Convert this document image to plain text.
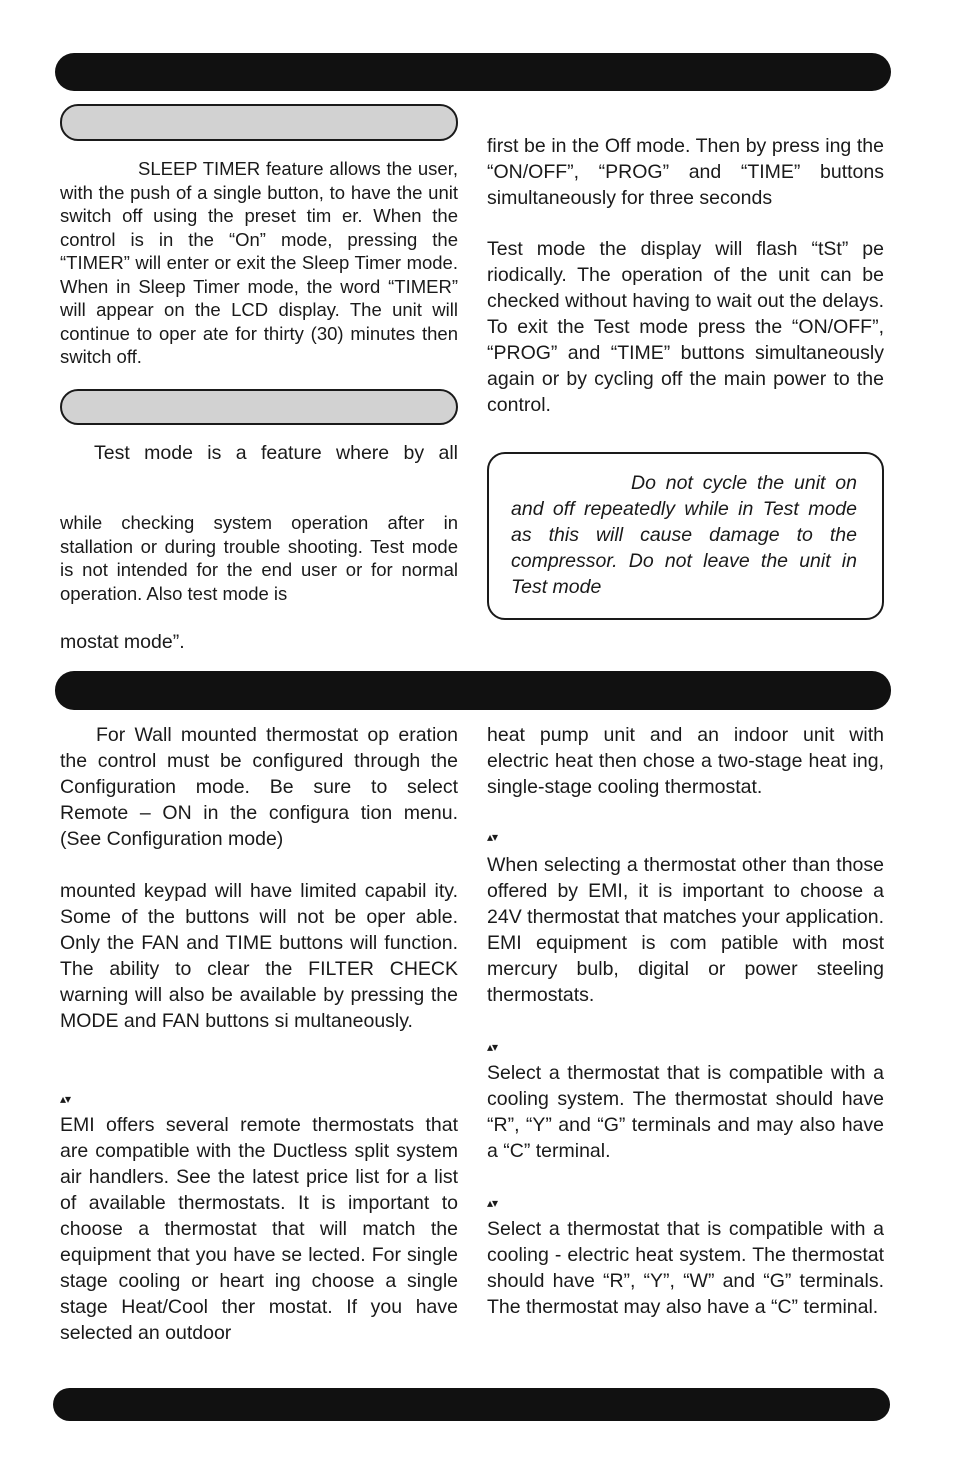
SLEEP TIMER feature allows the user, with the push of a single button, to have the unit switch off using the preset tim er. When the control is in the “On” mode, pressing the “TIMER” will enter or exit the Sleep Timer mode. When in Sleep Timer mode, the word “TIMER” will appear on the LCD display. The unit will continue to oper ate for thirty (30) minutes then switch off.

Test mode is a feature where by all

while checking system operation after in stallation or during trouble shooting. Test mode is not intended for the end user or for normal operation. Also test mode is

mostat mode”.

first be in the Off mode. Then by press ing the “ON/OFF”, “PROG” and “TIME” buttons simultaneously for three seconds

Test mode the display will flash “tSt” pe riodically. The operation of the unit can be checked without having to wait out the delays. To exit the Test mode press the “ON/OFF”, “PROG” and “TIME” buttons simultaneously again or by cycling off the main power to the control.

Do not cycle the unit on and off repeatedly while in Test mode as this will cause damage to the compressor. Do not leave the unit in Test mode

For Wall mounted thermostat op eration the control must be configured through the Configuration mode. Be sure to select Remote – ON in the configura tion menu. (See Configuration mode)

mounted keypad will have limited capabil ity. Some of the buttons will not be oper able. Only the FAN and TIME buttons will function. The ability to clear the FILTER CHECK warning will also be available by pressing the MODE and FAN buttons si multaneously.

▴▾

EMI offers several remote thermostats that are compatible with the Ductless split system air handlers. See the latest price list for a list of available thermostats. It is important to choose a thermostat that will match the equipment that you have se lected. For single stage cooling or heart ing choose a single stage Heat/Cool ther mostat. If you have selected an outdoor

heat pump unit and an indoor unit with electric heat then chose a two-stage heat ing, single-stage cooling thermostat.

▴▾

When selecting a thermostat other than those offered by EMI, it is important to choose a 24V thermostat that matches your application. EMI equipment is com patible with most mercury bulb, digital or power steeling thermostats.

▴▾

Select a thermostat that is compatible with a cooling system. The thermostat should have “R”, “Y” and “G” terminals and may also have a “C” terminal.

▴▾

Select a thermostat that is compatible with a cooling - electric heat system. The thermostat should have “R”, “Y”, “W” and “G” terminals. The thermostat may also have a “C” terminal.
